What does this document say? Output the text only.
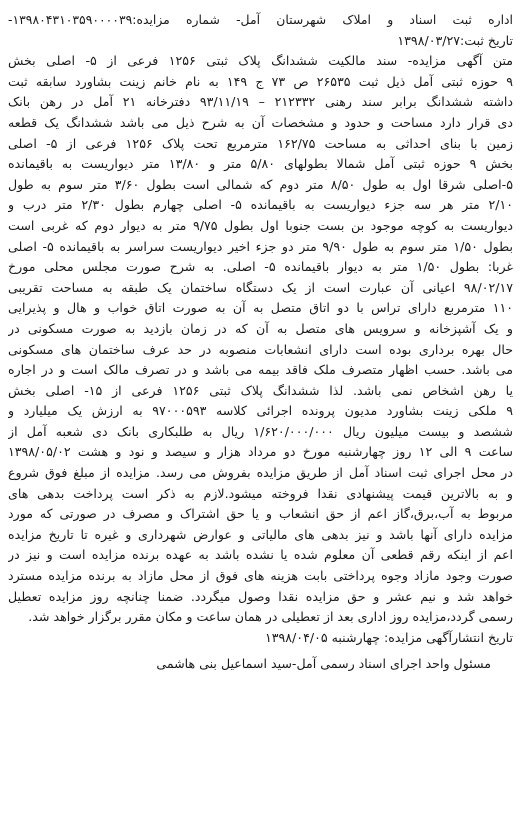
اداره ثبت اسناد و املاک شهرستان آمل- شماره مزایده:۱۳۹۸۰۴۳۱۰۳۵۹۰۰۰۰۳۹-
تاریخ ثبت:۱۳۹۸/۰۳/۲۷
متن آگهی مزایده- سند مالکیت ششدانگ پلاک ثبتی ۱۲۵۶ فرعی از ۵- اصلی بخش
۹ حوزه ثبتی آمل ذیل ثبت ۲۶۵۳۵ ص ۷۳ ج ۱۴۹ به نام خانم زینت بشاورد سابقه ثبت
داشته ششدانگ برابر سند رهنی ۲۱۲۳۳۲ – ۹۳/۱۱/۱۹ دفترخانه ۲۱ آمل در رهن بانک
دی قرار دارد مساحت و حدود و مشخصات آن به شرح ذیل می باشد ششدانگ یک قطعه
زمین با بنای احداثی به مساحت ۱۶۲/۷۵ مترمربع تحت پلاک ۱۲۵۶ فرعی از ۵- اصلی
بخش ۹ حوزه ثبتی آمل شمالا بطولهای ۵/۸۰ متر و ۱۳/۸۰ متر دیواریست به باقیمانده
۵-اصلی شرقا اول به طول ۸/۵۰ متر دوم که شمالی است بطول ۳/۶۰ متر سوم به طول
۲/۱۰ متر هر سه جزء دیواریست به باقیمانده ۵- اصلی چهارم بطول ۲/۳۰ متر درب و
دیواریست به کوچه موجود بن بست جنوبا اول بطول ۹/۷۵ متر به دیوار دوم که غربی است
بطول ۱/۵۰ متر سوم به طول ۹/۹۰ متر دو جزء اخیر دیواریست سراسر به باقیمانده ۵- اصلی
غربا: بطول ۱/۵۰ متر به دیوار باقیمانده ۵- اصلی. به شرح صورت مجلس محلی مورخ
۹۸/۰۲/۱۷ اعیانی آن عبارت است از یک دستگاه ساختمان یک طبقه به مساحت تقریبی
۱۱۰ مترمربع دارای تراس با دو اتاق متصل به آن به صورت اتاق خواب و هال و پذیرایی
و یک آشپزخانه و سرویس های متصل به آن که در زمان بازدید به صورت مسکونی در
حال بهره برداری بوده است دارای انشعابات منصوبه در حد عرف ساختمان های مسکونی
می باشد. حسب اظهار متصرف ملک فاقد بیمه می باشد و در تصرف مالک است و در اجاره
یا رهن اشخاص نمی باشد. لذا ششدانگ پلاک ثبتی ۱۲۵۶ فرعی از ۱۵- اصلی بخش
۹ ملکی زینت بشاورد مدیون پرونده اجرائی کلاسه ۹۷۰۰۰۵۹۳ به ارزش یک میلیارد و
ششصد و بیست میلیون ریال ۱/۶۲۰/۰۰۰/۰۰۰ ریال به طلبکاری بانک دی شعبه آمل از
ساعت ۹ الی ۱۲ روز چهارشنبه مورخ دو مرداد هزار و سیصد و نود و هشت ۱۳۹۸/۰۵/۰۲
در محل اجرای ثبت اسناد آمل از طریق مزایده بفروش می رسد. مزایده از مبلغ فوق شروع
و به بالاترین قیمت پیشنهادی نقدا فروخته میشود.لازم به ذکر است پرداخت بدهی های
مربوط به آب،برق،گاز اعم از حق انشعاب و یا حق اشتراک و مصرف در صورتی که مورد
مزایده دارای آنها باشد و نیز بدهی های مالیاتی و عوارض شهرداری و غیره تا تاریخ مزایده
اعم از اینکه رقم قطعی آن معلوم شده یا نشده باشد به عهده برنده مزایده است و نیز در
صورت وجود مازاد وجوه پرداختی بابت هزینه های فوق از محل مازاد به برنده مزایده مسترد
خواهد شد و نیم عشر و حق مزایده نقدا وصول میگردد. ضمنا چنانچه روز مزایده تعطیل
رسمی گردد،مزایده روز اداری بعد از تعطیلی در همان ساعت و مکان مقرر برگزار خواهد شد.
تاریخ انتشارآگهی مزایده: چهارشنبه ۱۳۹۸/۰۴/۰۵
مسئول واحد اجرای اسناد رسمی آمل-سید اسماعیل بنی هاشمی
